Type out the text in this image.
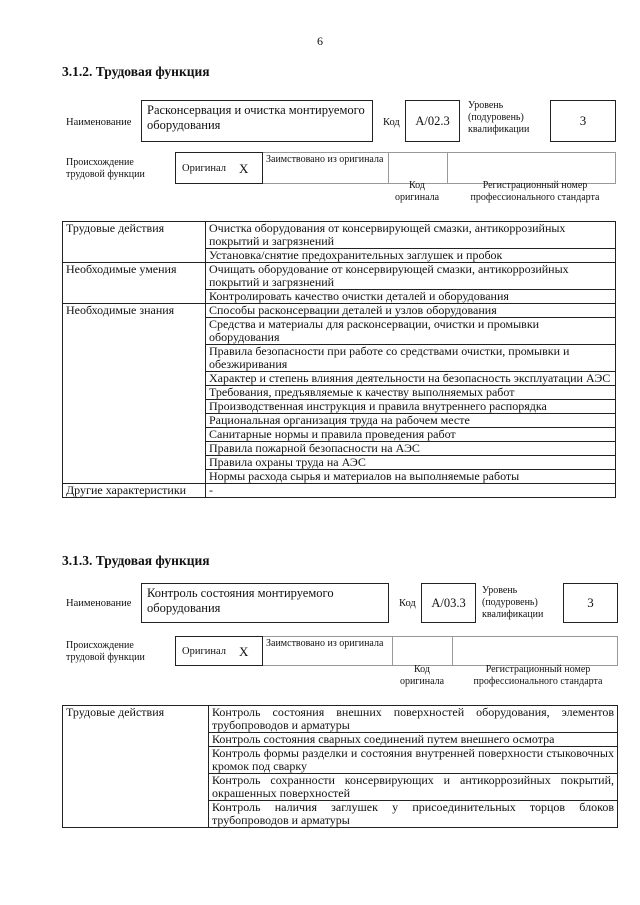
6
3.1.2. Трудовая функция
Наименование
Расконсервация и очистка монтируемого оборудования	Код А/02.3
Уровень (подуровень) квалификации
3
Происхождение трудовой функции
Оригинал X
Заимствовано из оригинала
Код оригинала
Регистрационный номер профессионального стандарта
Трудовые действия	Очистка оборудования от консервирующей смазки, антикоррозийных покрытий и загрязнений
	Установка/снятие предохранительных заглушек и пробок
Необходимые умения	Очищать оборудование от консервирующей смазки, антикоррозийных покрытий и загрязнений
	Контролировать качество очистки деталей и оборудования
Необходимые знания	Способы расконсервации деталей и узлов оборудования
	Средства и материалы для расконсервации, очистки и промывки оборудования
	Правила безопасности при работе со средствами очистки, промывки и обезжиривания
	Характер и степень влияния деятельности на безопасность эксплуатации АЭС
	Требования, предъявляемые к качеству выполняемых работ
	Производственная инструкция и правила внутреннего распорядка
	Рациональная организация труда на рабочем месте
	Санитарные нормы и правила проведения работ
	Правила пожарной безопасности на АЭС
	Правила охраны труда на АЭС
	Нормы расхода сырья и материалов на выполняемые работы
Другие характеристики	-
3.1.3. Трудовая функция
Наименование
Контроль состояния монтируемого оборудования	Код А/03.3
Уровень (подуровень) квалификации
3
Происхождение трудовой функции
Оригинал X
Заимствовано из оригинала
Код оригинала
Регистрационный номер профессионального стандарта
Трудовые действия	Контроль состояния внешних поверхностей оборудования, элементов трубопроводов и арматуры
Контроль состояния сварных соединений путем внешнего осмотра
Контроль формы разделки и состояния внутренней поверхности стыковочных кромок под сварку
Контроль сохранности консервирующих и антикоррозийных покрытий, окрашенных поверхностей
Контроль наличия заглушек у присоединительных торцов блоков трубопроводов и арматуры
